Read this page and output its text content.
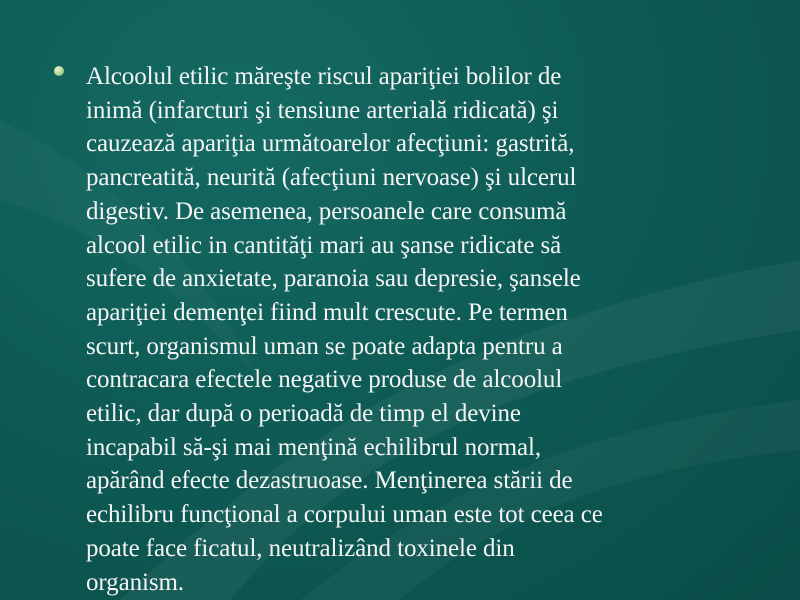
Alcoolul etilic măreşte riscul apariţiei bolilor de
inimă (infarcturi şi tensiune arterială ridicată) şi
cauzează apariţia următoarelor afecţiuni: gastrită,
pancreatită, neurită (afecţiuni nervoase) şi ulcerul
digestiv. De asemenea, persoanele care consumă
alcool etilic in cantităţi mari au şanse ridicate să
sufere de anxietate, paranoia sau depresie, şansele
apariţiei demenţei fiind mult crescute. Pe termen
scurt, organismul uman se poate adapta pentru a
contracara efectele negative produse de alcoolul
etilic, dar după o perioadă de timp el devine
incapabil să-şi mai menţină echilibrul normal,
apărând efecte dezastruoase. Menţinerea stării de
echilibru funcţional a corpului uman este tot ceea ce
poate face ficatul, neutralizând toxinele din
organism.
